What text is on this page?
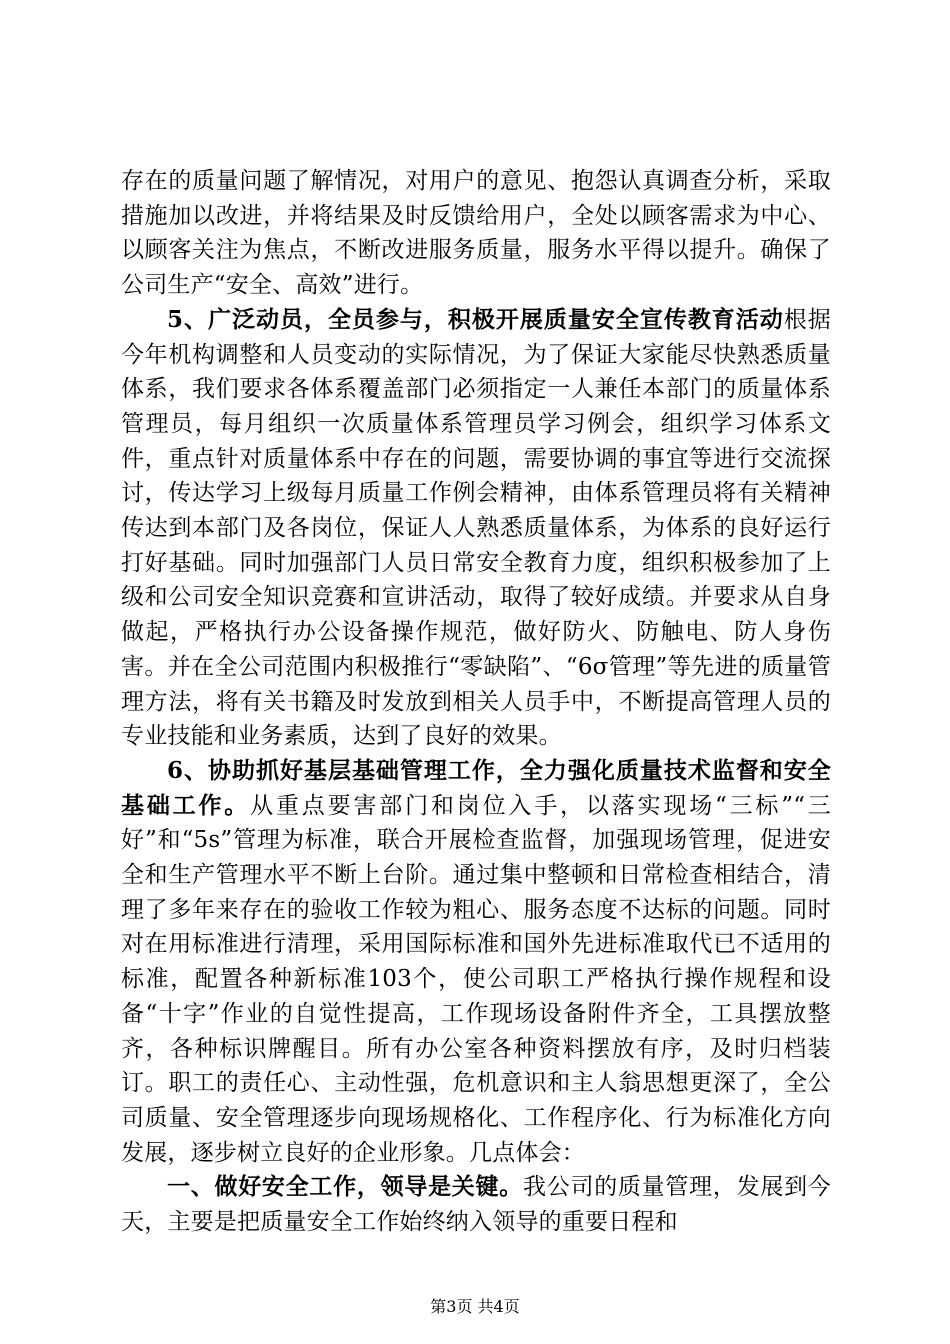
存在的质量问题了解情况，对用户的意见、抱怨认真调查分析，采取措施加以改进，并将结果及时反馈给用户，全处以顾客需求为中心、以顾客关注为焦点，不断改进服务质量，服务水平得以提升。确保了公司生产“安全、高效”进行。

5、广泛动员，全员参与，积极开展质量安全宣传教育活动根据今年机构调整和人员变动的实际情况，为了保证大家能尽快熟悉质量体系，我们要求各体系覆盖部门必须指定一人兼任本部门的质量体系管理员，每月组织一次质量体系管理员学习例会，组织学习体系文件，重点针对质量体系中存在的问题，需要协调的事宜等进行交流探讨，传达学习上级每月质量工作例会精神，由体系管理员将有关精神传达到本部门及各岗位，保证人人熟悉质量体系，为体系的良好运行打好基础。同时加强部门人员日常安全教育力度，组织积极参加了上级和公司安全知识竞赛和宣讲活动，取得了较好成绩。并要求从自身做起，严格执行办公设备操作规范，做好防火、防触电、防人身伤害。并在全公司范围内积极推行“零缺陷”、“6σ管理”等先进的质量管理方法，将有关书籍及时发放到相关人员手中，不断提高管理人员的专业技能和业务素质，达到了良好的效果。

6、协助抓好基层基础管理工作，全力强化质量技术监督和安全基础工作。从重点要害部门和岗位入手，以落实现场“三标”“三好”和“5s”管理为标准，联合开展检查监督，加强现场管理，促进安全和生产管理水平不断上台阶。通过集中整顿和日常检查相结合，清理了多年来存在的验收工作较为粗心、服务态度不达标的问题。同时对在用标准进行清理，采用国际标准和国外先进标准取代已不适用的标准，配置各种新标准103个，使公司职工严格执行操作规程和设备“十字”作业的自觉性提高，工作现场设备附件齐全，工具摆放整齐，各种标识牌醒目。所有办公室各种资料摆放有序，及时归档装订。职工的责任心、主动性强，危机意识和主人翁思想更深了，全公司质量、安全管理逐步向现场规格化、工作程序化、行为标准化方向发展，逐步树立良好的企业形象。几点体会：

一、做好安全工作，领导是关键。我公司的质量管理，发展到今天，主要是把质量安全工作始终纳入领导的重要日程和

第3页 共4页
